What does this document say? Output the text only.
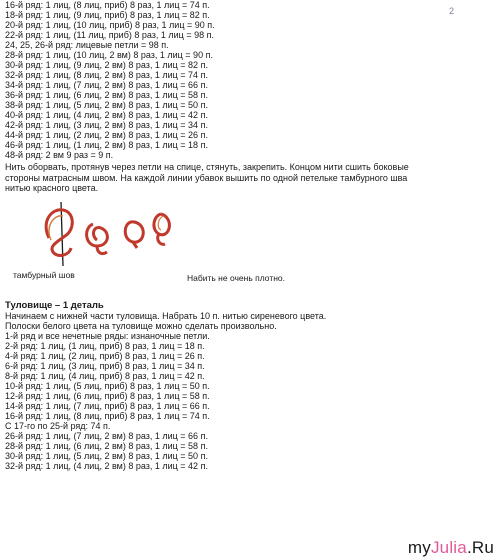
2
16-й ряд: 1 лиц, (8 лиц, приб) 8 раз, 1 лиц = 74 п.
18-й ряд: 1 лиц, (9 лиц, приб) 8 раз, 1 лиц = 82 п.
20-й ряд: 1 лиц, (10 лиц, приб) 8 раз, 1 лиц = 90 п.
22-й ряд: 1 лиц, (11 лиц, приб) 8 раз, 1 лиц = 98 п.
24, 25, 26-й ряд: лицевые петли = 98 п.
28-й ряд: 1 лиц, (10 лиц, 2 вм) 8 раз, 1 лиц = 90 п.
30-й ряд: 1 лиц, (9 лиц, 2 вм) 8 раз, 1 лиц = 82 п.
32-й ряд: 1 лиц, (8 лиц, 2 вм) 8 раз, 1 лиц = 74 п.
34-й ряд: 1 лиц, (7 лиц, 2 вм) 8 раз, 1 лиц = 66 п.
36-й ряд: 1 лиц, (6 лиц, 2 вм) 8 раз, 1 лиц = 58 п.
38-й ряд: 1 лиц, (5 лиц, 2 вм) 8 раз, 1 лиц = 50 п.
40-й ряд: 1 лиц, (4 лиц, 2 вм) 8 раз, 1 лиц = 42 п.
42-й ряд: 1 лиц, (3 лиц, 2 вм) 8 раз, 1 лиц = 34 п.
44-й ряд: 1 лиц, (2 лиц, 2 вм) 8 раз, 1 лиц = 26 п.
46-й ряд: 1 лиц, (1 лиц, 2 вм) 8 раз, 1 лиц = 18 п.
48-й ряд: 2 вм 9 раз = 9 п.
Нить оборвать, протянув через петли на спице, стянуть, закрепить. Концом нити сшить боковые стороны матрасным швом. На каждой линии убавок вышить по одной петельке тамбурного шва нитью красного цвета.
тамбурный шов	Набить не очень плотно.
Туловище – 1 деталь
Начинаем с нижней части туловища. Набрать 10 п. нитью сиреневого цвета.
Полоски белого цвета на туловище можно сделать произвольно.
1-й ряд и все нечетные ряды: изнаночные петли.
2-й ряд: 1 лиц, (1 лиц, приб) 8 раз, 1 лиц = 18 п.
4-й ряд: 1 лиц, (2 лиц, приб) 8 раз, 1 лиц = 26 п.
6-й ряд: 1 лиц, (3 лиц, приб) 8 раз, 1 лиц = 34 п.
8-й ряд: 1 лиц, (4 лиц, приб) 8 раз, 1 лиц = 42 п.
10-й ряд: 1 лиц, (5 лиц, приб) 8 раз, 1 лиц = 50 п.
12-й ряд: 1 лиц, (6 лиц, приб) 8 раз, 1 лиц = 58 п.
14-й ряд: 1 лиц, (7 лиц, приб) 8 раз, 1 лиц = 66 п.
16-й ряд: 1 лиц, (8 лиц, приб) 8 раз, 1 лиц = 74 п.
С 17-го по 25-й ряд: 74 п.
26-й ряд: 1 лиц, (7 лиц, 2 вм) 8 раз, 1 лиц = 66 п.
28-й ряд: 1 лиц, (6 лиц, 2 вм) 8 раз, 1 лиц = 58 п.
30-й ряд: 1 лиц, (5 лиц, 2 вм) 8 раз, 1 лиц = 50 п.
32-й ряд: 1 лиц, (4 лиц, 2 вм) 8 раз, 1 лиц = 42 п.
myJulia.Ru
